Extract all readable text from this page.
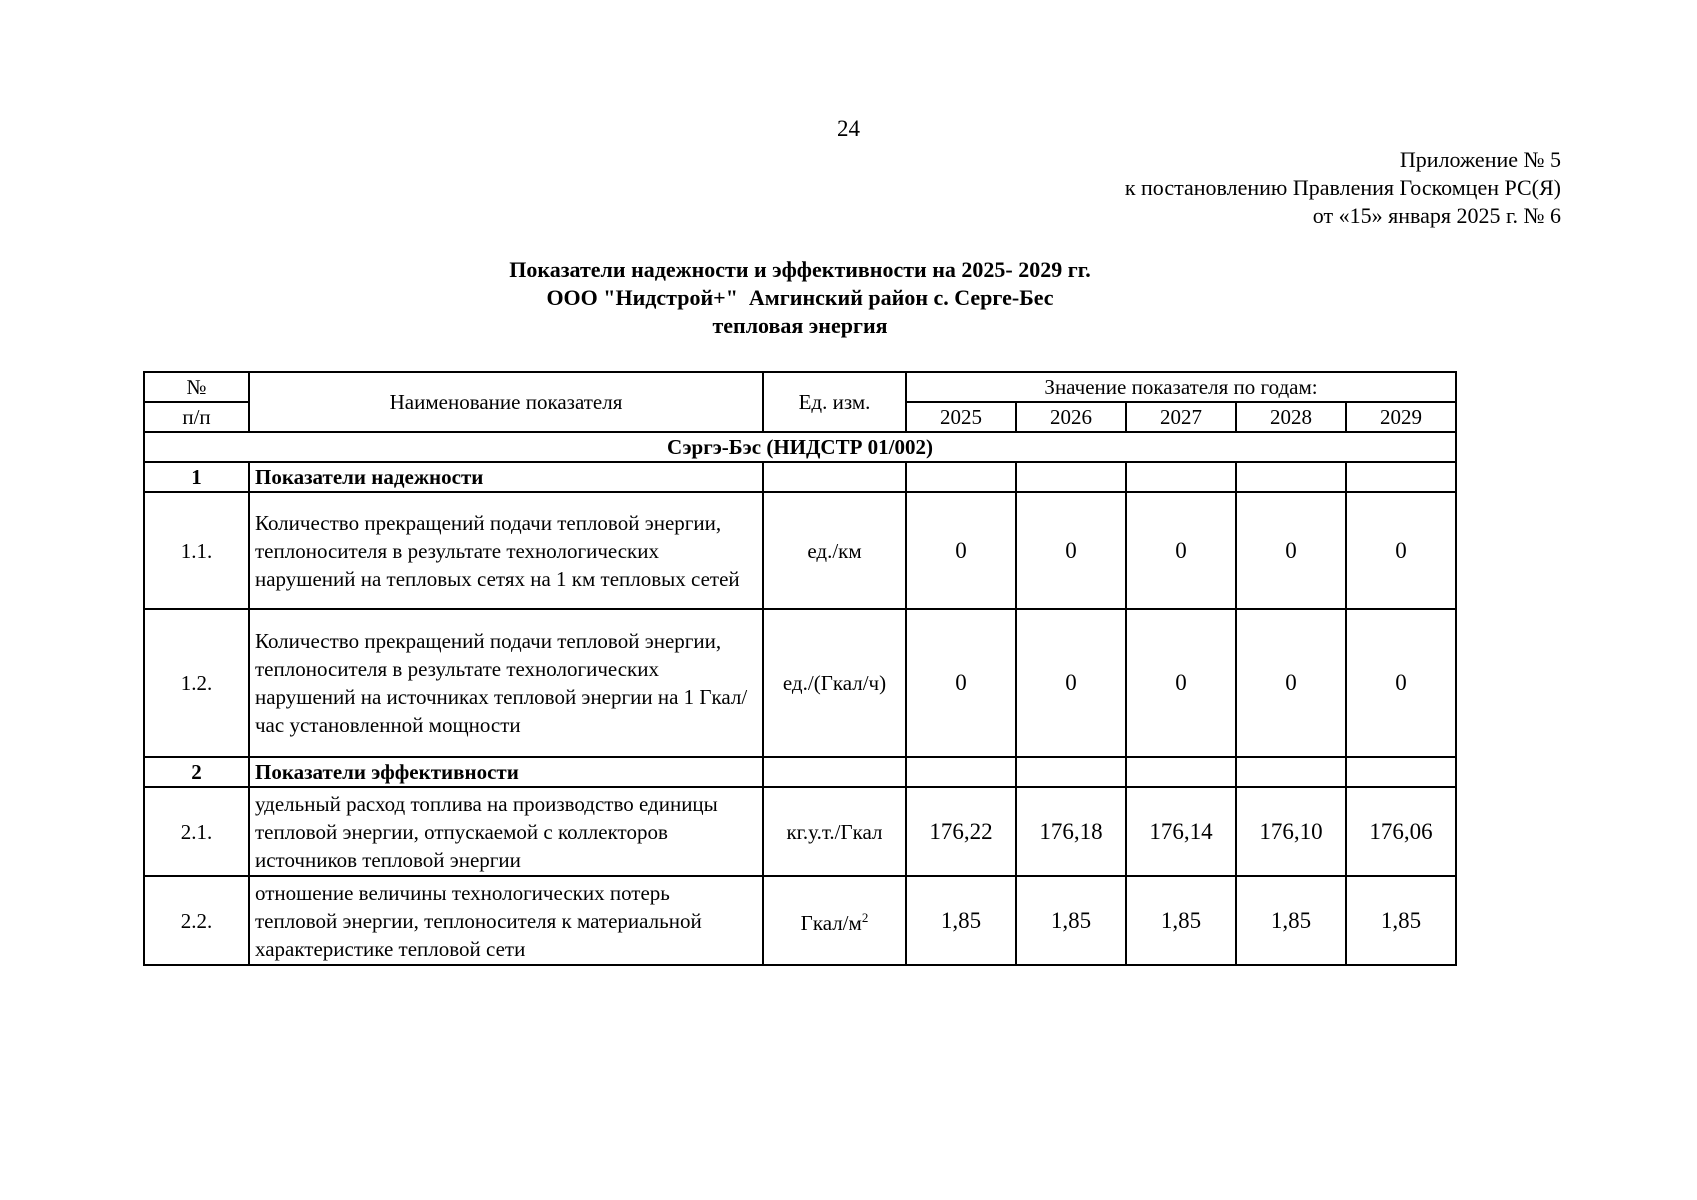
24
Приложение № 5
к постановлению Правления Госкомцен РС(Я)
от «15» января 2025 г. № 6
Показатели надежности и эффективности на 2025- 2029 гг.
ООО "Нидстрой+"  Амгинский район с. Серге-Бес
тепловая энергия
№	Наименование показателя	Ед. изм.	Значение показателя по годам:				
п/п			2025	2026	2027	2028	2029
Сэргэ-Бэс (НИДСТР 01/002)							
1	Показатели надежности						
1.1.	Количество прекращений подачи тепловой энергии, теплоносителя в результате технологических нарушений на тепловых сетях на 1 км тепловых сетей	ед./км	0	0	0	0	0
1.2.	Количество прекращений подачи тепловой энергии, теплоносителя в результате технологических нарушений на источниках тепловой энергии на 1 Гкал/час установленной мощности	ед./(Гкал/ч)	0	0	0	0	0
2	Показатели эффективности						
2.1.	удельный расход топлива на производство единицы тепловой энергии, отпускаемой с коллекторов источников тепловой энергии	кг.у.т./Гкал	176,22	176,18	176,14	176,10	176,06
2.2.	отношение величины технологических потерь тепловой энергии, теплоносителя к материальной характеристике тепловой сети	Гкал/$м^2$	1,85	1,85	1,85	1,85	1,85
